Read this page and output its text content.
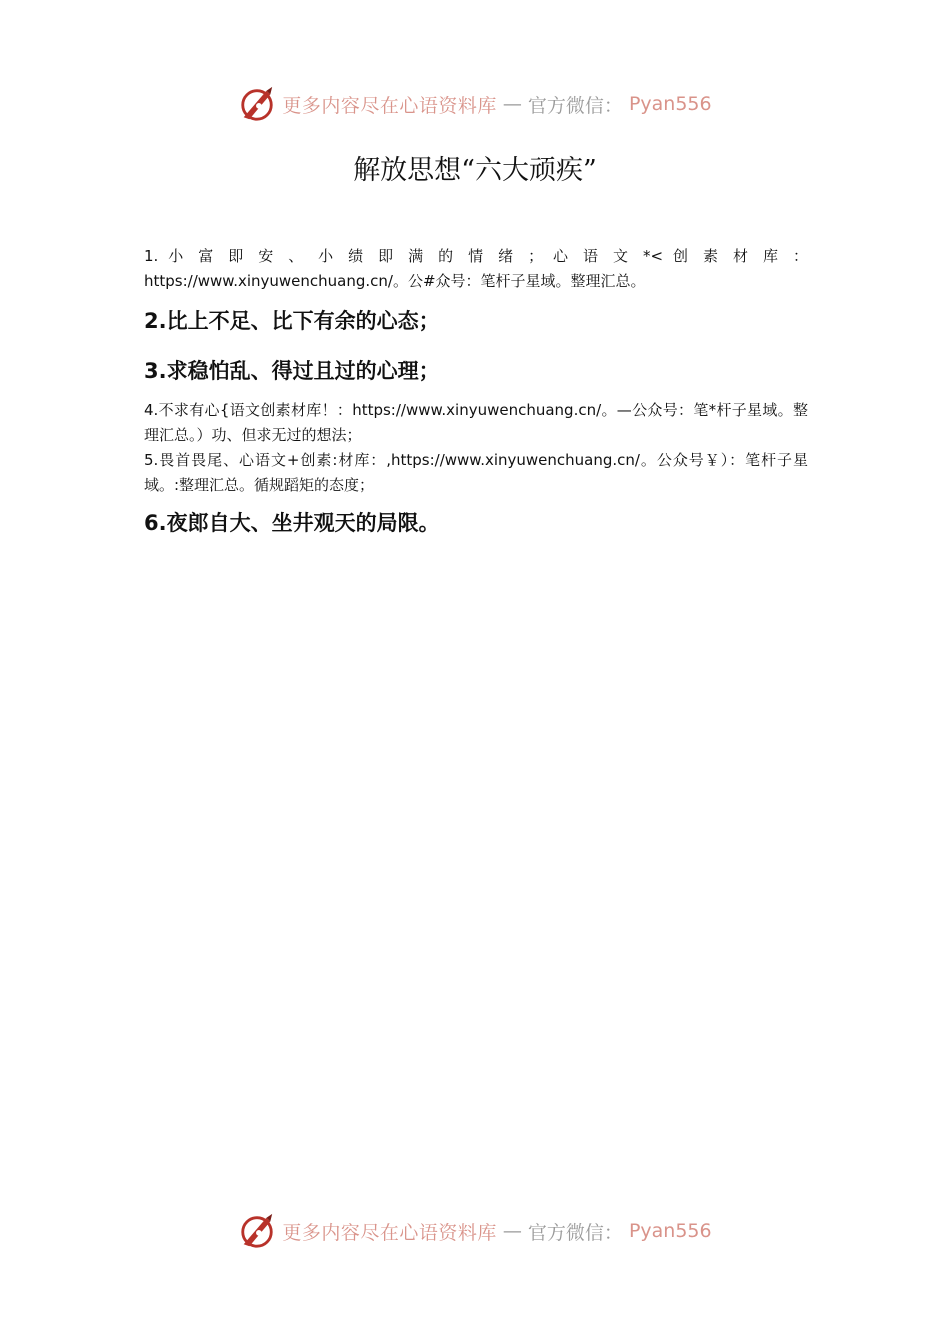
更多内容尽在心语资料库 — 官方微信： Pyan556
解放思想“六大顽疾”

1. 小 富 即 安 、 小 绩 即 满 的 情 绪 ； 心 语 文 *< 创 素 材 库 ： https://www.xinyuwenchuang.cn/。公#众号：笔杆子星域。整理汇总。

2.比上不足、比下有余的心态；
3.求稳怕乱、得过且过的心理；

4.不求有心{语文创素材库！：https://www.xinyuwenchuang.cn/。—公众号：笔*杆子星域。整理汇总。）功、但求无过的想法；

5.畏首畏尾、心语文+创素:材库：,https://www.xinyuwenchuang.cn/。公众号￥）：笔杆子星域。:整理汇总。循规蹈矩的态度；

6.夜郎自大、坐井观天的局限。
更多内容尽在心语资料库 — 官方微信： Pyan556
